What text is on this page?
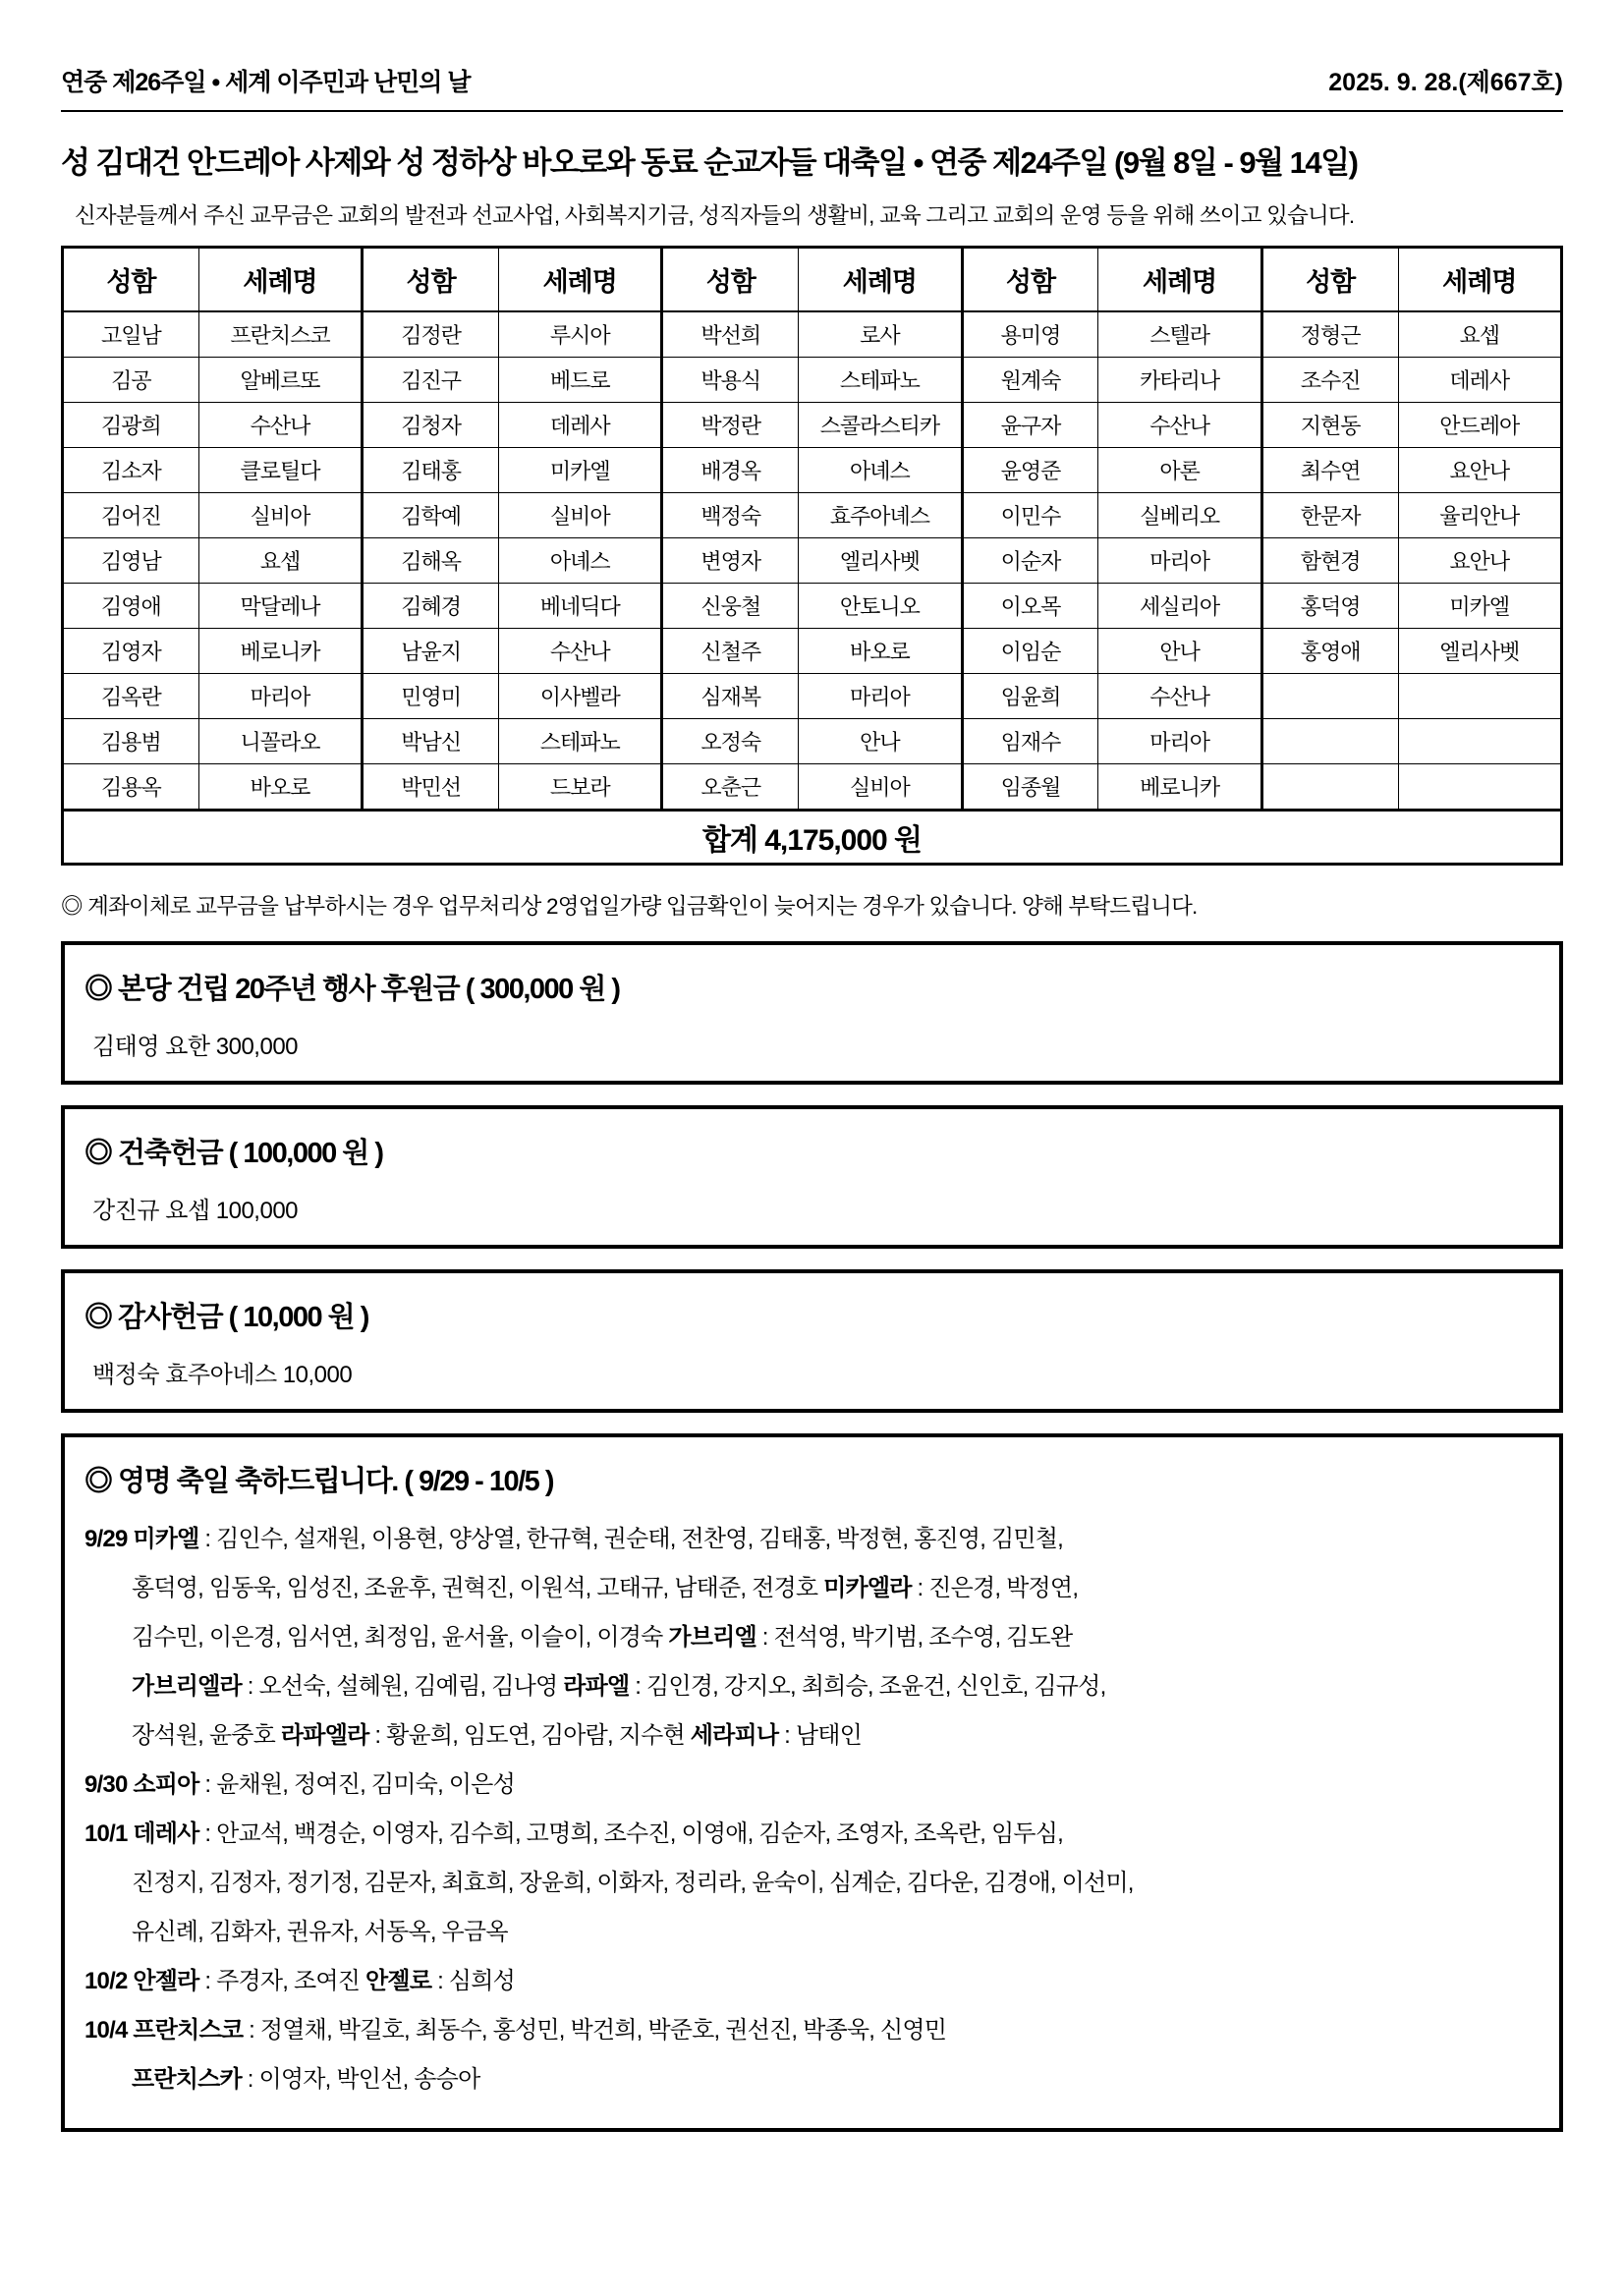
연중 제26주일 • 세계 이주민과 난민의 날	2025. 9. 28.(제667호)
성 김대건 안드레아 사제와 성 정하상 바오로와 동료 순교자들 대축일 • 연중 제24주일 (9월 8일 - 9월 14일)

신자분들께서 주신 교무금은 교회의 발전과 선교사업, 사회복지기금, 성직자들의 생활비, 교육 그리고 교회의 운영 등을 위해 쓰이고 있습니다.

성함	세례명	성함	세례명	성함	세례명	성함	세례명	성함	세례명
고일남	프란치스코	김정란	루시아	박선희	로사	용미영	스텔라	정형근	요셉
김공	알베르또	김진구	베드로	박용식	스테파노	원계숙	카타리나	조수진	데레사
김광희	수산나	김청자	데레사	박정란	스콜라스티카	윤구자	수산나	지현동	안드레아
김소자	클로틸다	김태홍	미카엘	배경옥	아녜스	윤영준	아론	최수연	요안나
김어진	실비아	김학예	실비아	백정숙	효주아녜스	이민수	실베리오	한문자	율리안나
김영남	요셉	김해옥	아녜스	변영자	엘리사벳	이순자	마리아	함현경	요안나
김영애	막달레나	김혜경	베네딕다	신웅철	안토니오	이오목	세실리아	홍덕영	미카엘
김영자	베로니카	남윤지	수산나	신철주	바오로	이임순	안나	홍영애	엘리사벳
김옥란	마리아	민영미	이사벨라	심재복	마리아	임윤희	수산나		
김용범	니꼴라오	박남신	스테파노	오정숙	안나	임재수	마리아		
김용옥	바오로	박민선	드보라	오춘근	실비아	임종월	베로니카		
합계 4,175,000 원									

◎ 계좌이체로 교무금을 납부하시는 경우 업무처리상 2영업일가량 입금확인이 늦어지는 경우가 있습니다. 양해 부탁드립니다.

◎ 본당 건립 20주년 행사 후원금 ( 300,000 원 )

김태영 요한 300,000

◎ 건축헌금 ( 100,000 원 )

강진규 요셉 100,000

◎ 감사헌금 ( 10,000 원 )

백정숙 효주아네스 10,000

◎ 영명 축일 축하드립니다. ( 9/29 - 10/5 )

9/29 미카엘 : 김인수, 설재원, 이용현, 양상열, 한규혁, 권순태, 전찬영, 김태홍, 박정현, 홍진영, 김민철,

홍덕영, 임동욱, 임성진, 조윤후, 권혁진, 이원석, 고태규, 남태준, 전경호 미카엘라 : 진은경, 박정연,

김수민, 이은경, 임서연, 최정임, 윤서율, 이슬이, 이경숙 가브리엘 : 전석영, 박기범, 조수영, 김도완

가브리엘라 : 오선숙, 설혜원, 김예림, 김나영 라파엘 : 김인경, 강지오, 최희승, 조윤건, 신인호, 김규성,

장석원, 윤중호 라파엘라 : 황윤희, 임도연, 김아람, 지수현 세라피나 : 남태인

9/30 소피아 : 윤채원, 정여진, 김미숙, 이은성

10/1 데레사 : 안교석, 백경순, 이영자, 김수희, 고명희, 조수진, 이영애, 김순자, 조영자, 조옥란, 임두심,

진정지, 김정자, 정기정, 김문자, 최효희, 장윤희, 이화자, 정리라, 윤숙이, 심계순, 김다운, 김경애, 이선미,

유신례, 김화자, 권유자, 서동옥, 우금옥

10/2 안젤라 : 주경자, 조여진 안젤로 : 심희성

10/4 프란치스코 : 정열채, 박길호, 최동수, 홍성민, 박건희, 박준호, 권선진, 박종욱, 신영민

프란치스카 : 이영자, 박인선, 송승아
